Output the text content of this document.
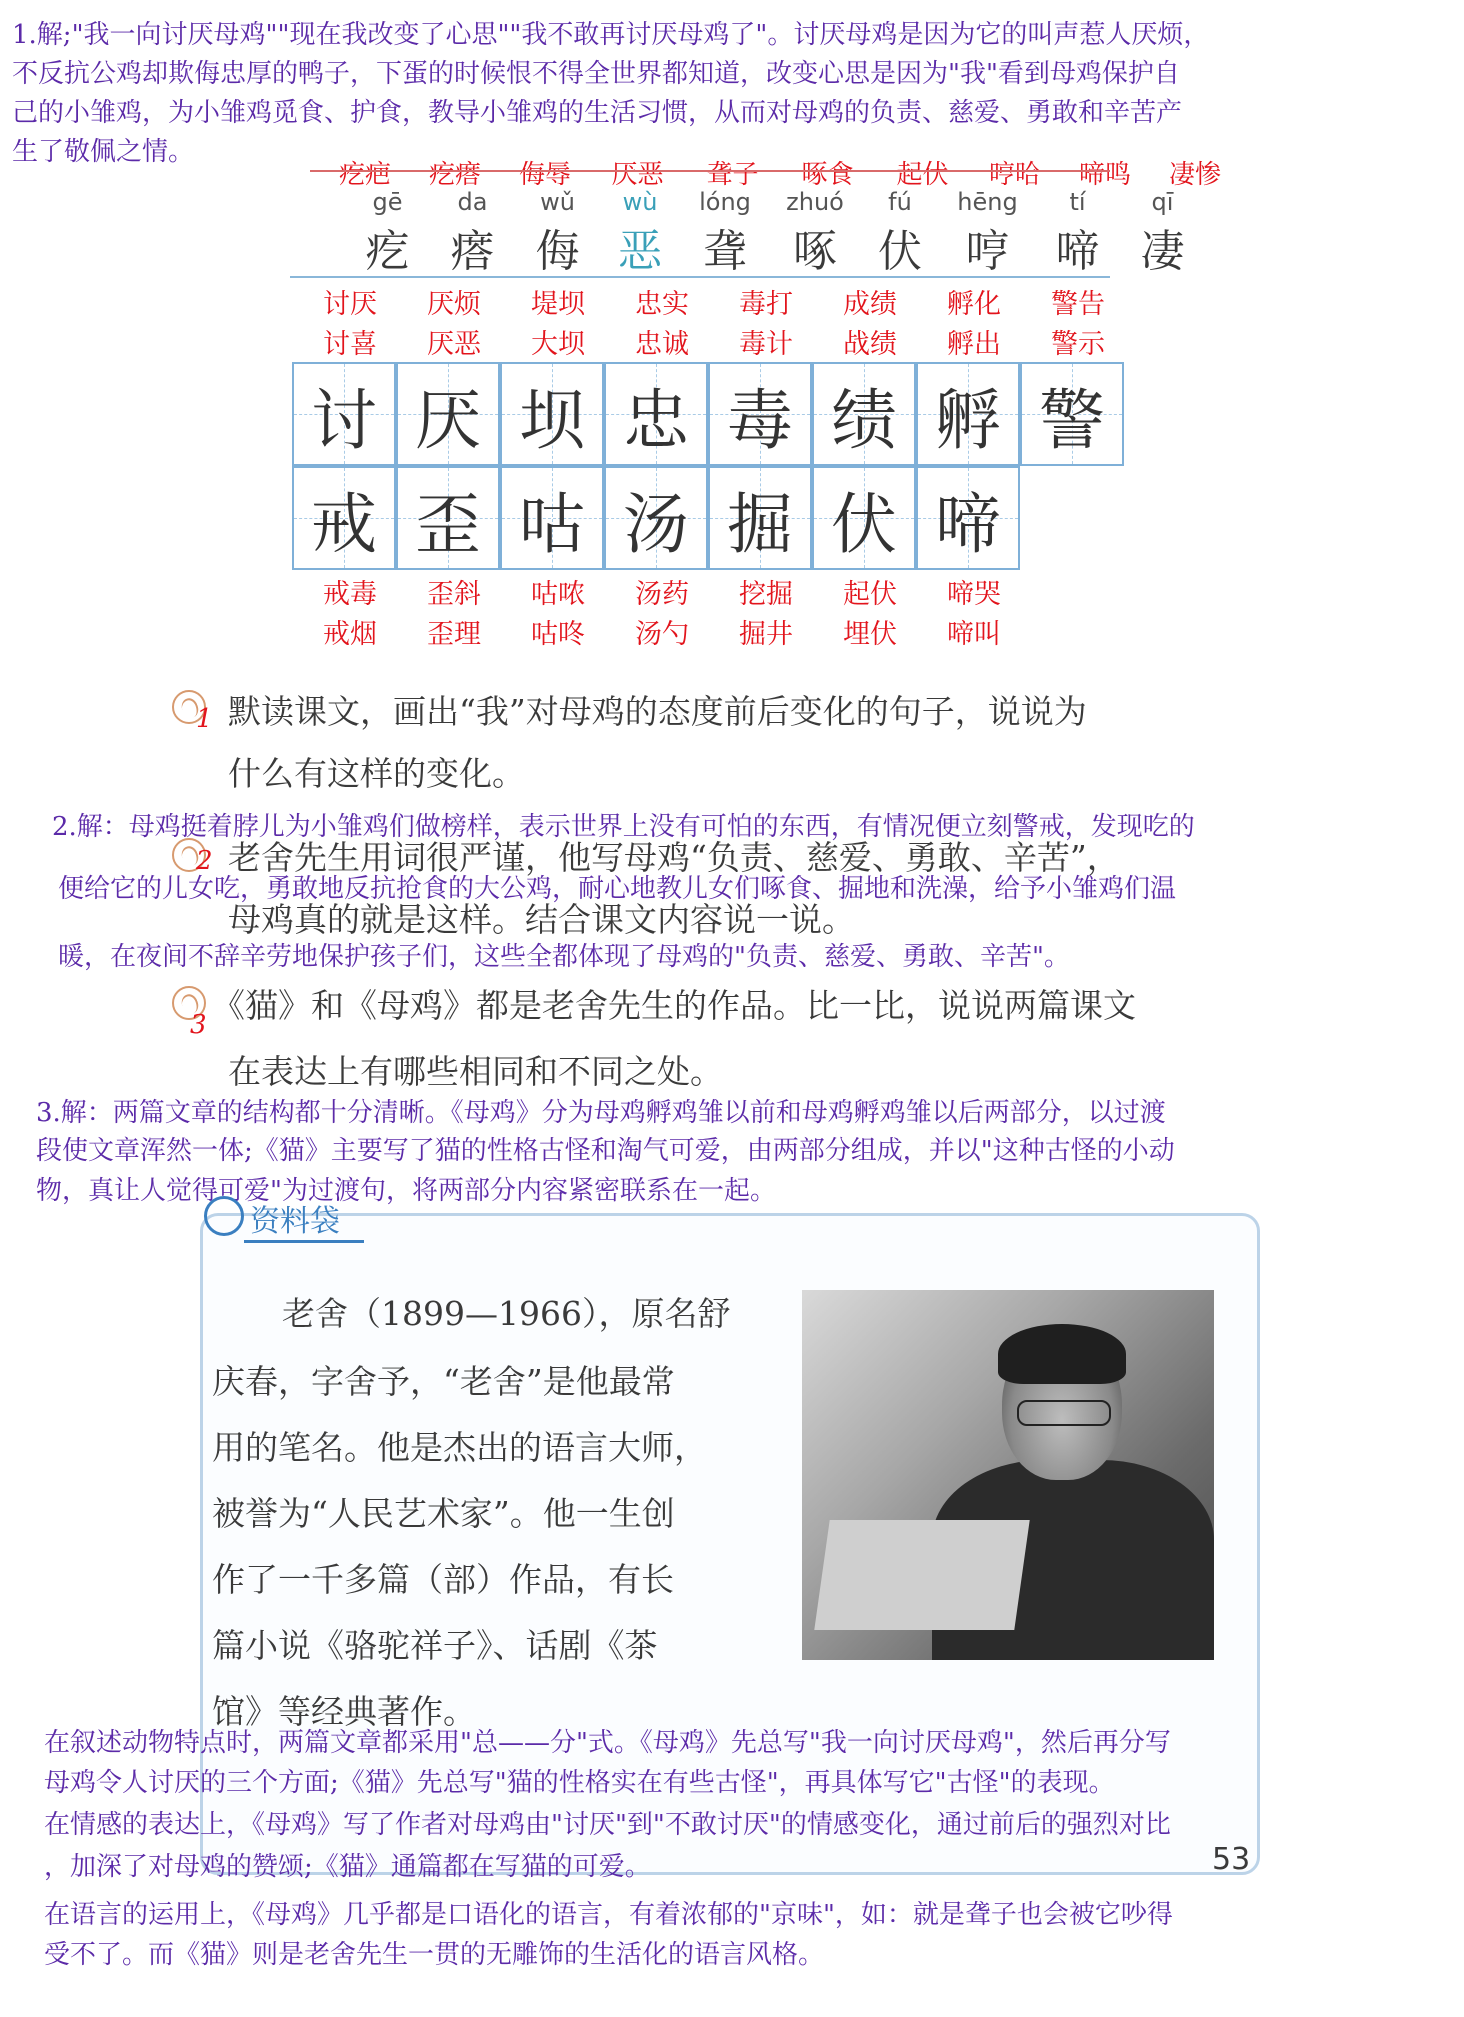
1.解;"我一向讨厌母鸡""现在我改变了心思""我不敢再讨厌母鸡了"。讨厌母鸡是因为它的叫声惹人厌烦，
不反抗公鸡却欺侮忠厚的鸭子，下蛋的时候恨不得全世界都知道，改变心思是因为"我"看到母鸡保护自
己的小雏鸡，为小雏鸡觅食、护食，教导小雏鸡的生活习惯，从而对母鸡的负责、慈爱、勇敢和辛苦产
生了敬佩之情。
疙疤	疙瘩	侮辱	厌恶	聋子	啄食	起伏	哼哈	啼鸣	凄惨
gē	da	wǔ	wù	lóng	zhuó	fú	hēng	tí	qī
疙 瘩 侮 恶 聋	啄 伏 哼	啼 凄
讨厌	厌烦	堤坝	忠实	毒打	成绩	孵化	警告
讨喜	厌恶	大坝	忠诚	毒计	战绩	孵出	警示
讨 厌 坝 忠 毒 绩 孵 警
戒 歪 咕 汤 掘 伏 啼
戒毒	歪斜	咕哝	汤药	挖掘	起伏	啼哭
戒烟	歪理	咕咚	汤勺	掘井	埋伏	啼叫
1 默读课文，画出“我”对母鸡的态度前后变化的句子，说说为
什么有这样的变化。
2 老舍先生用词很严谨，他写母鸡“负责、慈爱、勇敢、辛苦”，
母鸡真的就是这样。结合课文内容说一说。
2.解：母鸡挺着脖儿为小雏鸡们做榜样，表示世界上没有可怕的东西，有情况便立刻警戒，发现吃的
便给它的儿女吃，勇敢地反抗抢食的大公鸡，耐心地教儿女们啄食、掘地和洗澡，给予小雏鸡们温
暖，在夜间不辞辛劳地保护孩子们，这些全都体现了母鸡的"负责、慈爱、勇敢、辛苦"。
3 《猫》和《母鸡》都是老舍先生的作品。比一比，说说两篇课文
在表达上有哪些相同和不同之处。
3.解：两篇文章的结构都十分清晰。《母鸡》分为母鸡孵鸡雏以前和母鸡孵鸡雏以后两部分，以过渡
段使文章浑然一体;《猫》主要写了猫的性格古怪和淘气可爱，由两部分组成，并以"这种古怪的小动
物，真让人觉得可爱"为过渡句，将两部分内容紧密联系在一起。
资料袋
老舍（1899—1966），原名舒
庆春，字舍予，“老舍”是他最常
用的笔名。他是杰出的语言大师，
被誉为“人民艺术家”。他一生创
作了一千多篇（部）作品，有长
篇小说《骆驼祥子》、话剧《茶
馆》等经典著作。
在叙述动物特点时，两篇文章都采用"总——分"式。《母鸡》先总写"我一向讨厌母鸡"，然后再分写
母鸡令人讨厌的三个方面;《猫》先总写"猫的性格实在有些古怪"，再具体写它"古怪"的表现。
在情感的表达上，《母鸡》写了作者对母鸡由"讨厌"到"不敢讨厌"的情感变化，通过前后的强烈对比
，加深了对母鸡的赞颂;《猫》通篇都在写猫的可爱。
在语言的运用上，《母鸡》几乎都是口语化的语言，有着浓郁的"京味"，如：就是聋子也会被它吵得
受不了。而《猫》则是老舍先生一贯的无雕饰的生活化的语言风格。
53
